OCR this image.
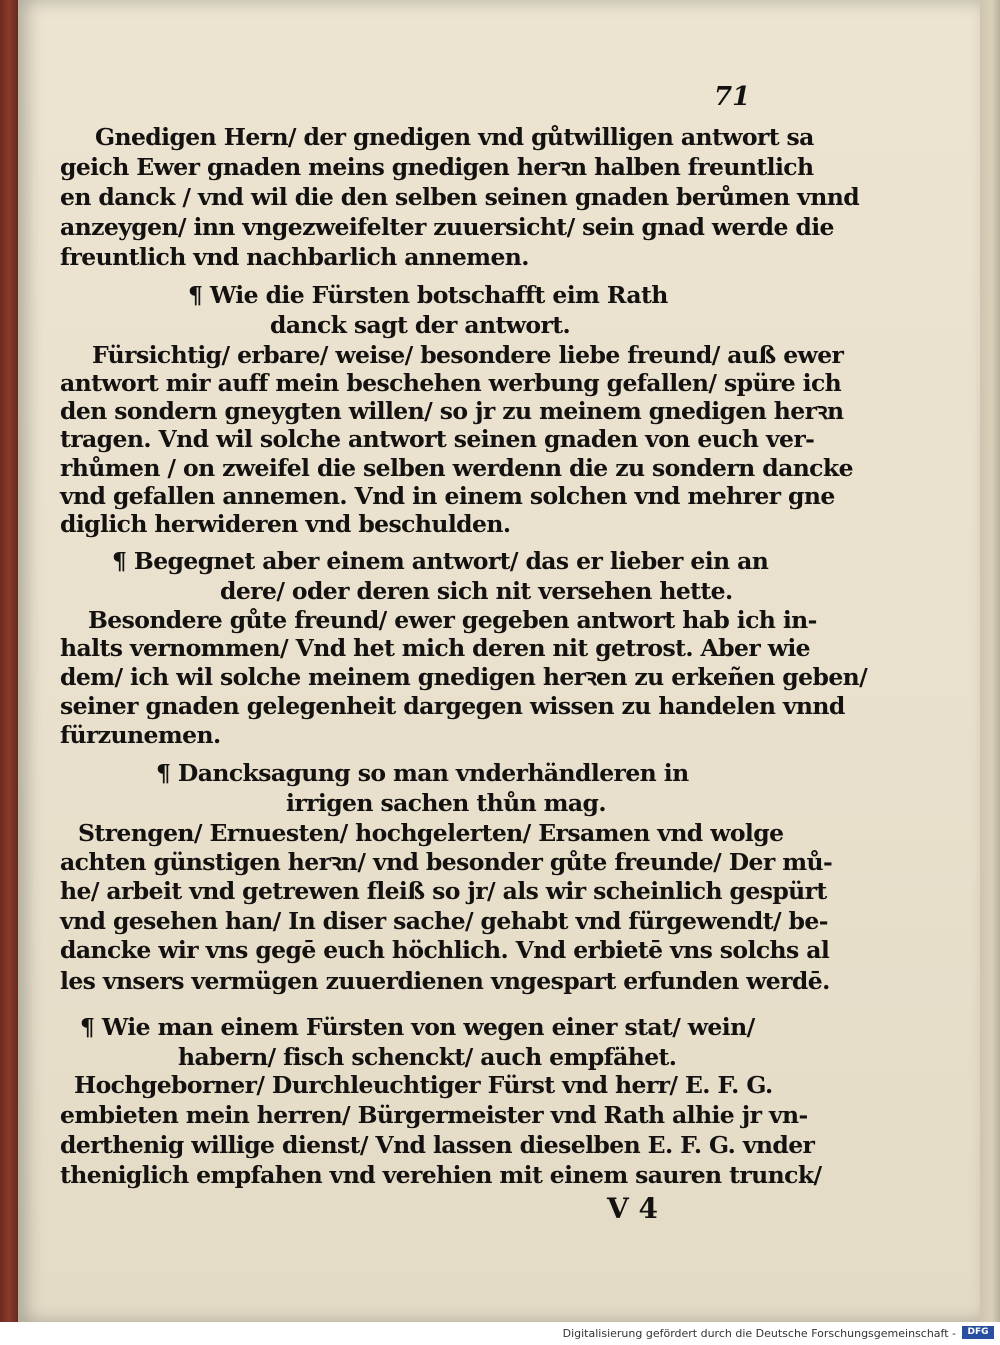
71
Gnedigen Hern/ der gnedigen vnd gůtwilligen antwort sa
geich Ewer gnaden meins gnedigen herꝛn halben freuntlich
en danck / vnd wil die den selben seinen gnaden berůmen vnnd
anzeygen/ inn vngezweifelter zuuersicht/ sein gnad werde die
freuntlich vnd nachbarlich annemen.
¶ Wie die Fürsten botschafft eim Rath
danck sagt der antwort.
Fürsichtig/ erbare/ weise/ besondere liebe freund/ auß ewer
antwort mir auff mein beschehen werbung gefallen/ spüre ich
den sondern gneygten willen/ so jr zu meinem gnedigen herꝛn
tragen. Vnd wil solche antwort seinen gnaden von euch ver-
rhůmen / on zweifel die selben werdenn die zu sondern dancke
vnd gefallen annemen. Vnd in einem solchen vnd mehrer gne
diglich herwideren vnd beschulden.
¶ Begegnet aber einem antwort/ das er lieber ein an
dere/ oder deren sich nit versehen hette.
Besondere gůte freund/ ewer gegeben antwort hab ich in-
halts vernommen/ Vnd het mich deren nit getrost. Aber wie
dem/ ich wil solche meinem gnedigen herꝛen zu erkeñen geben/
seiner gnaden gelegenheit dargegen wissen zu handelen vnnd
fürzunemen.
¶ Dancksagung so man vnderhändleren in
irrigen sachen thůn mag.
Strengen/ Ernuesten/ hochgelerten/ Ersamen vnd wolge
achten günstigen herꝛn/ vnd besonder gůte freunde/ Der mů-
he/ arbeit vnd getrewen fleiß so jr/ als wir scheinlich gespürt
vnd gesehen han/ In diser sache/ gehabt vnd fürgewendt/ be-
dancke wir vns gegē euch höchlich. Vnd erbietē vns solchs al
les vnsers vermügen zuuerdienen vngespart erfunden werdē.
¶ Wie man einem Fürsten von wegen einer stat/ wein/
habern/ fisch schenckt/ auch empfähet.
Hochgeborner/ Durchleuchtiger Fürst vnd herr/ E. F. G.
embieten mein herren/ Bürgermeister vnd Rath alhie jr vn-
derthenig willige dienst/ Vnd lassen dieselben E. F. G. vnder
theniglich empfahen vnd verehien mit einem sauren trunck/
V 4
Digitalisierung gefördert durch die Deutsche Forschungsgemeinschaft -	DFG
